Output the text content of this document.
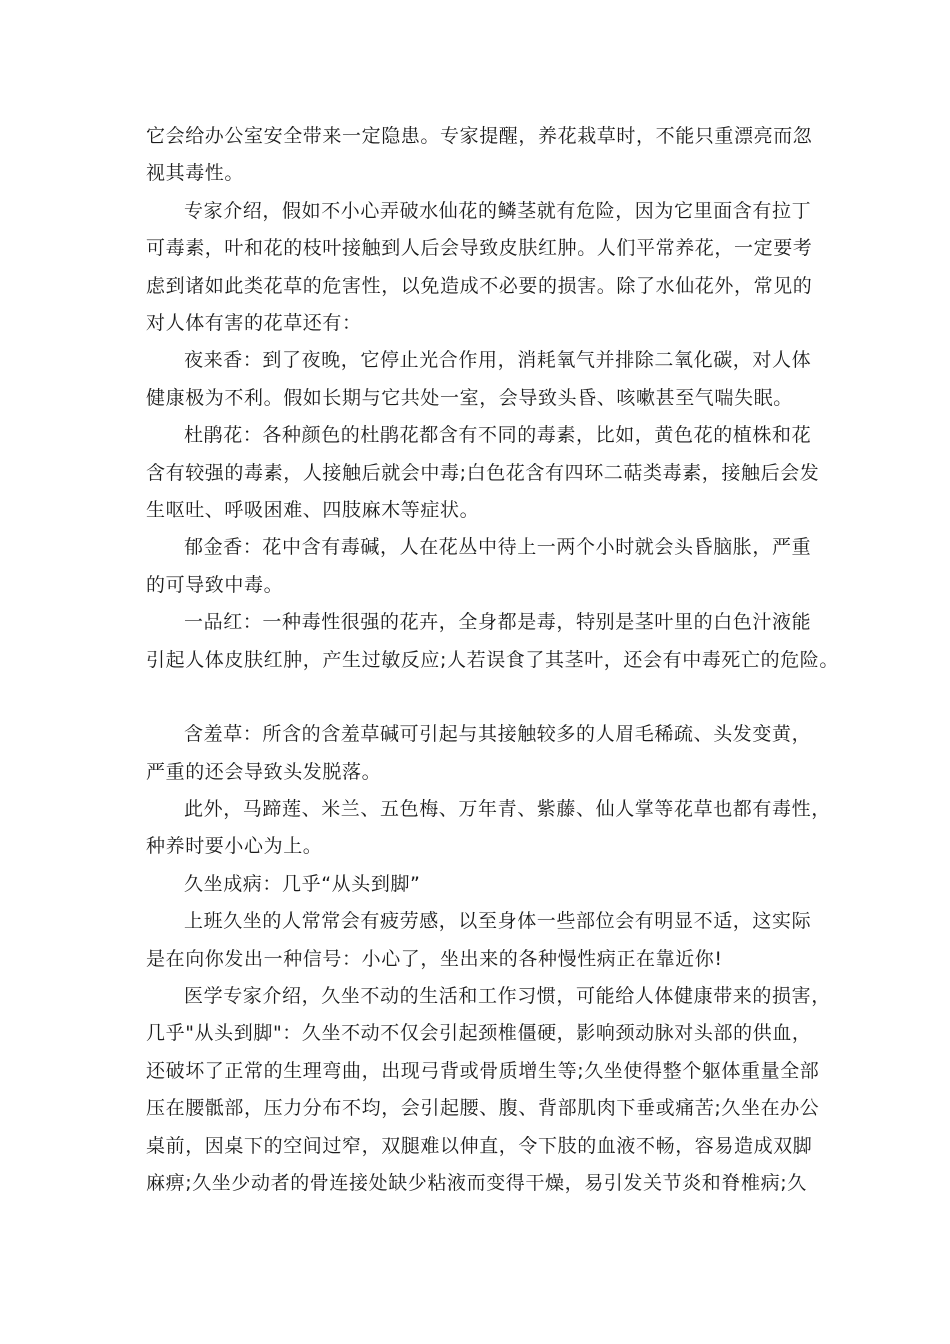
它会给办公室安全带来一定隐患。专家提醒，养花栽草时，不能只重漂亮而忽
视其毒性。

专家介绍，假如不小心弄破水仙花的鳞茎就有危险，因为它里面含有拉丁
可毒素，叶和花的枝叶接触到人后会导致皮肤红肿。人们平常养花，一定要考
虑到诸如此类花草的危害性，以免造成不必要的损害。除了水仙花外，常见的
对人体有害的花草还有：

夜来香：到了夜晚，它停止光合作用，消耗氧气并排除二氧化碳，对人体
健康极为不利。假如长期与它共处一室，会导致头昏、咳嗽甚至气喘失眠。

杜鹃花：各种颜色的杜鹃花都含有不同的毒素，比如，黄色花的植株和花
含有较强的毒素，人接触后就会中毒;白色花含有四环二萜类毒素，接触后会发
生呕吐、呼吸困难、四肢麻木等症状。

郁金香：花中含有毒碱，人在花丛中待上一两个小时就会头昏脑胀，严重
的可导致中毒。

一品红：一种毒性很强的花卉，全身都是毒，特别是茎叶里的白色汁液能
引起人体皮肤红肿，产生过敏反应;人若误食了其茎叶，还会有中毒死亡的危险。

含羞草：所含的含羞草碱可引起与其接触较多的人眉毛稀疏、头发变黄，
严重的还会导致头发脱落。

此外，马蹄莲、米兰、五色梅、万年青、紫藤、仙人掌等花草也都有毒性，
种养时要小心为上。

久坐成病：几乎“从头到脚”

上班久坐的人常常会有疲劳感，以至身体一些部位会有明显不适，这实际
是在向你发出一种信号：小心了，坐出来的各种慢性病正在靠近你!

医学专家介绍，久坐不动的生活和工作习惯，可能给人体健康带来的损害，
几乎"从头到脚"：久坐不动不仅会引起颈椎僵硬，影响颈动脉对头部的供血，
还破坏了正常的生理弯曲，出现弓背或骨质增生等;久坐使得整个躯体重量全部
压在腰骶部，压力分布不均，会引起腰、腹、背部肌肉下垂或痛苦;久坐在办公
桌前，因桌下的空间过窄，双腿难以伸直，令下肢的血液不畅，容易造成双脚
麻痹;久坐少动者的骨连接处缺少粘液而变得干燥，易引发关节炎和脊椎病;久
